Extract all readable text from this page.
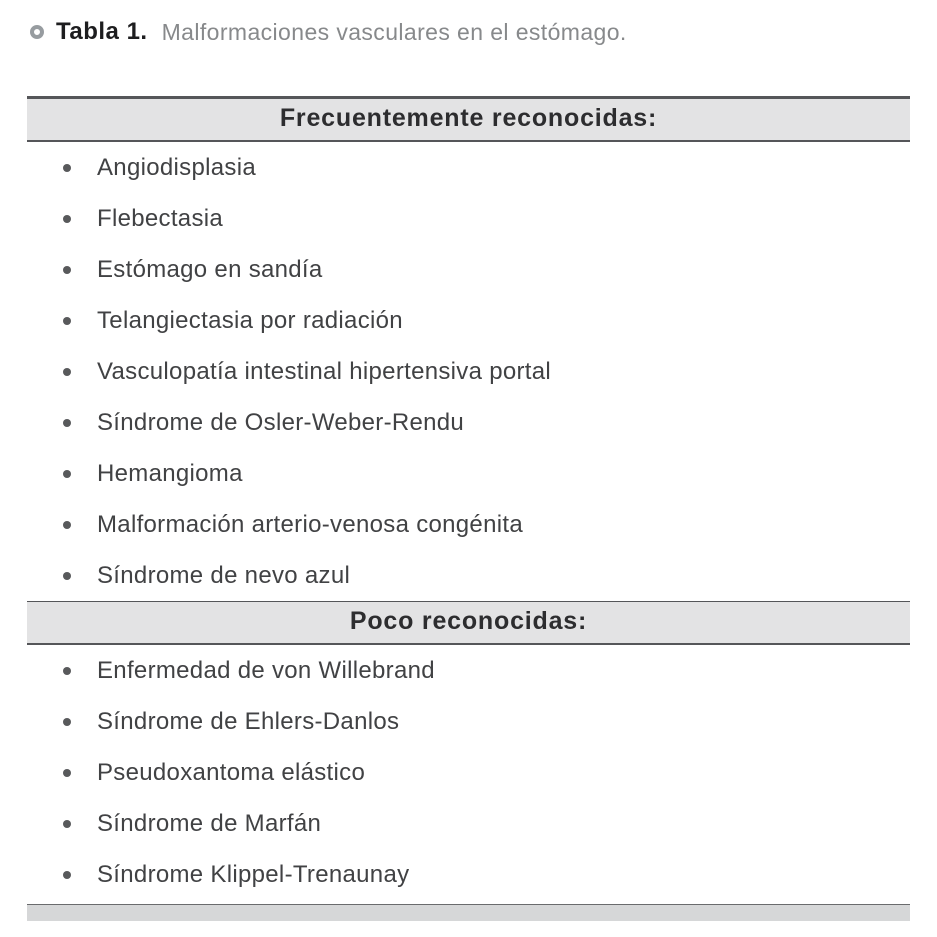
Tabla 1. Malformaciones vasculares en el estómago.
Frecuentemente reconocidas:
Angiodisplasia
Flebectasia
Estómago en sandía
Telangiectasia por radiación
Vasculopatía intestinal hipertensiva portal
Síndrome de Osler-Weber-Rendu
Hemangioma
Malformación arterio-venosa congénita
Síndrome de nevo azul
Poco reconocidas:
Enfermedad de von Willebrand
Síndrome de Ehlers-Danlos
Pseudoxantoma elástico
Síndrome de Marfán
Síndrome Klippel-Trenaunay
